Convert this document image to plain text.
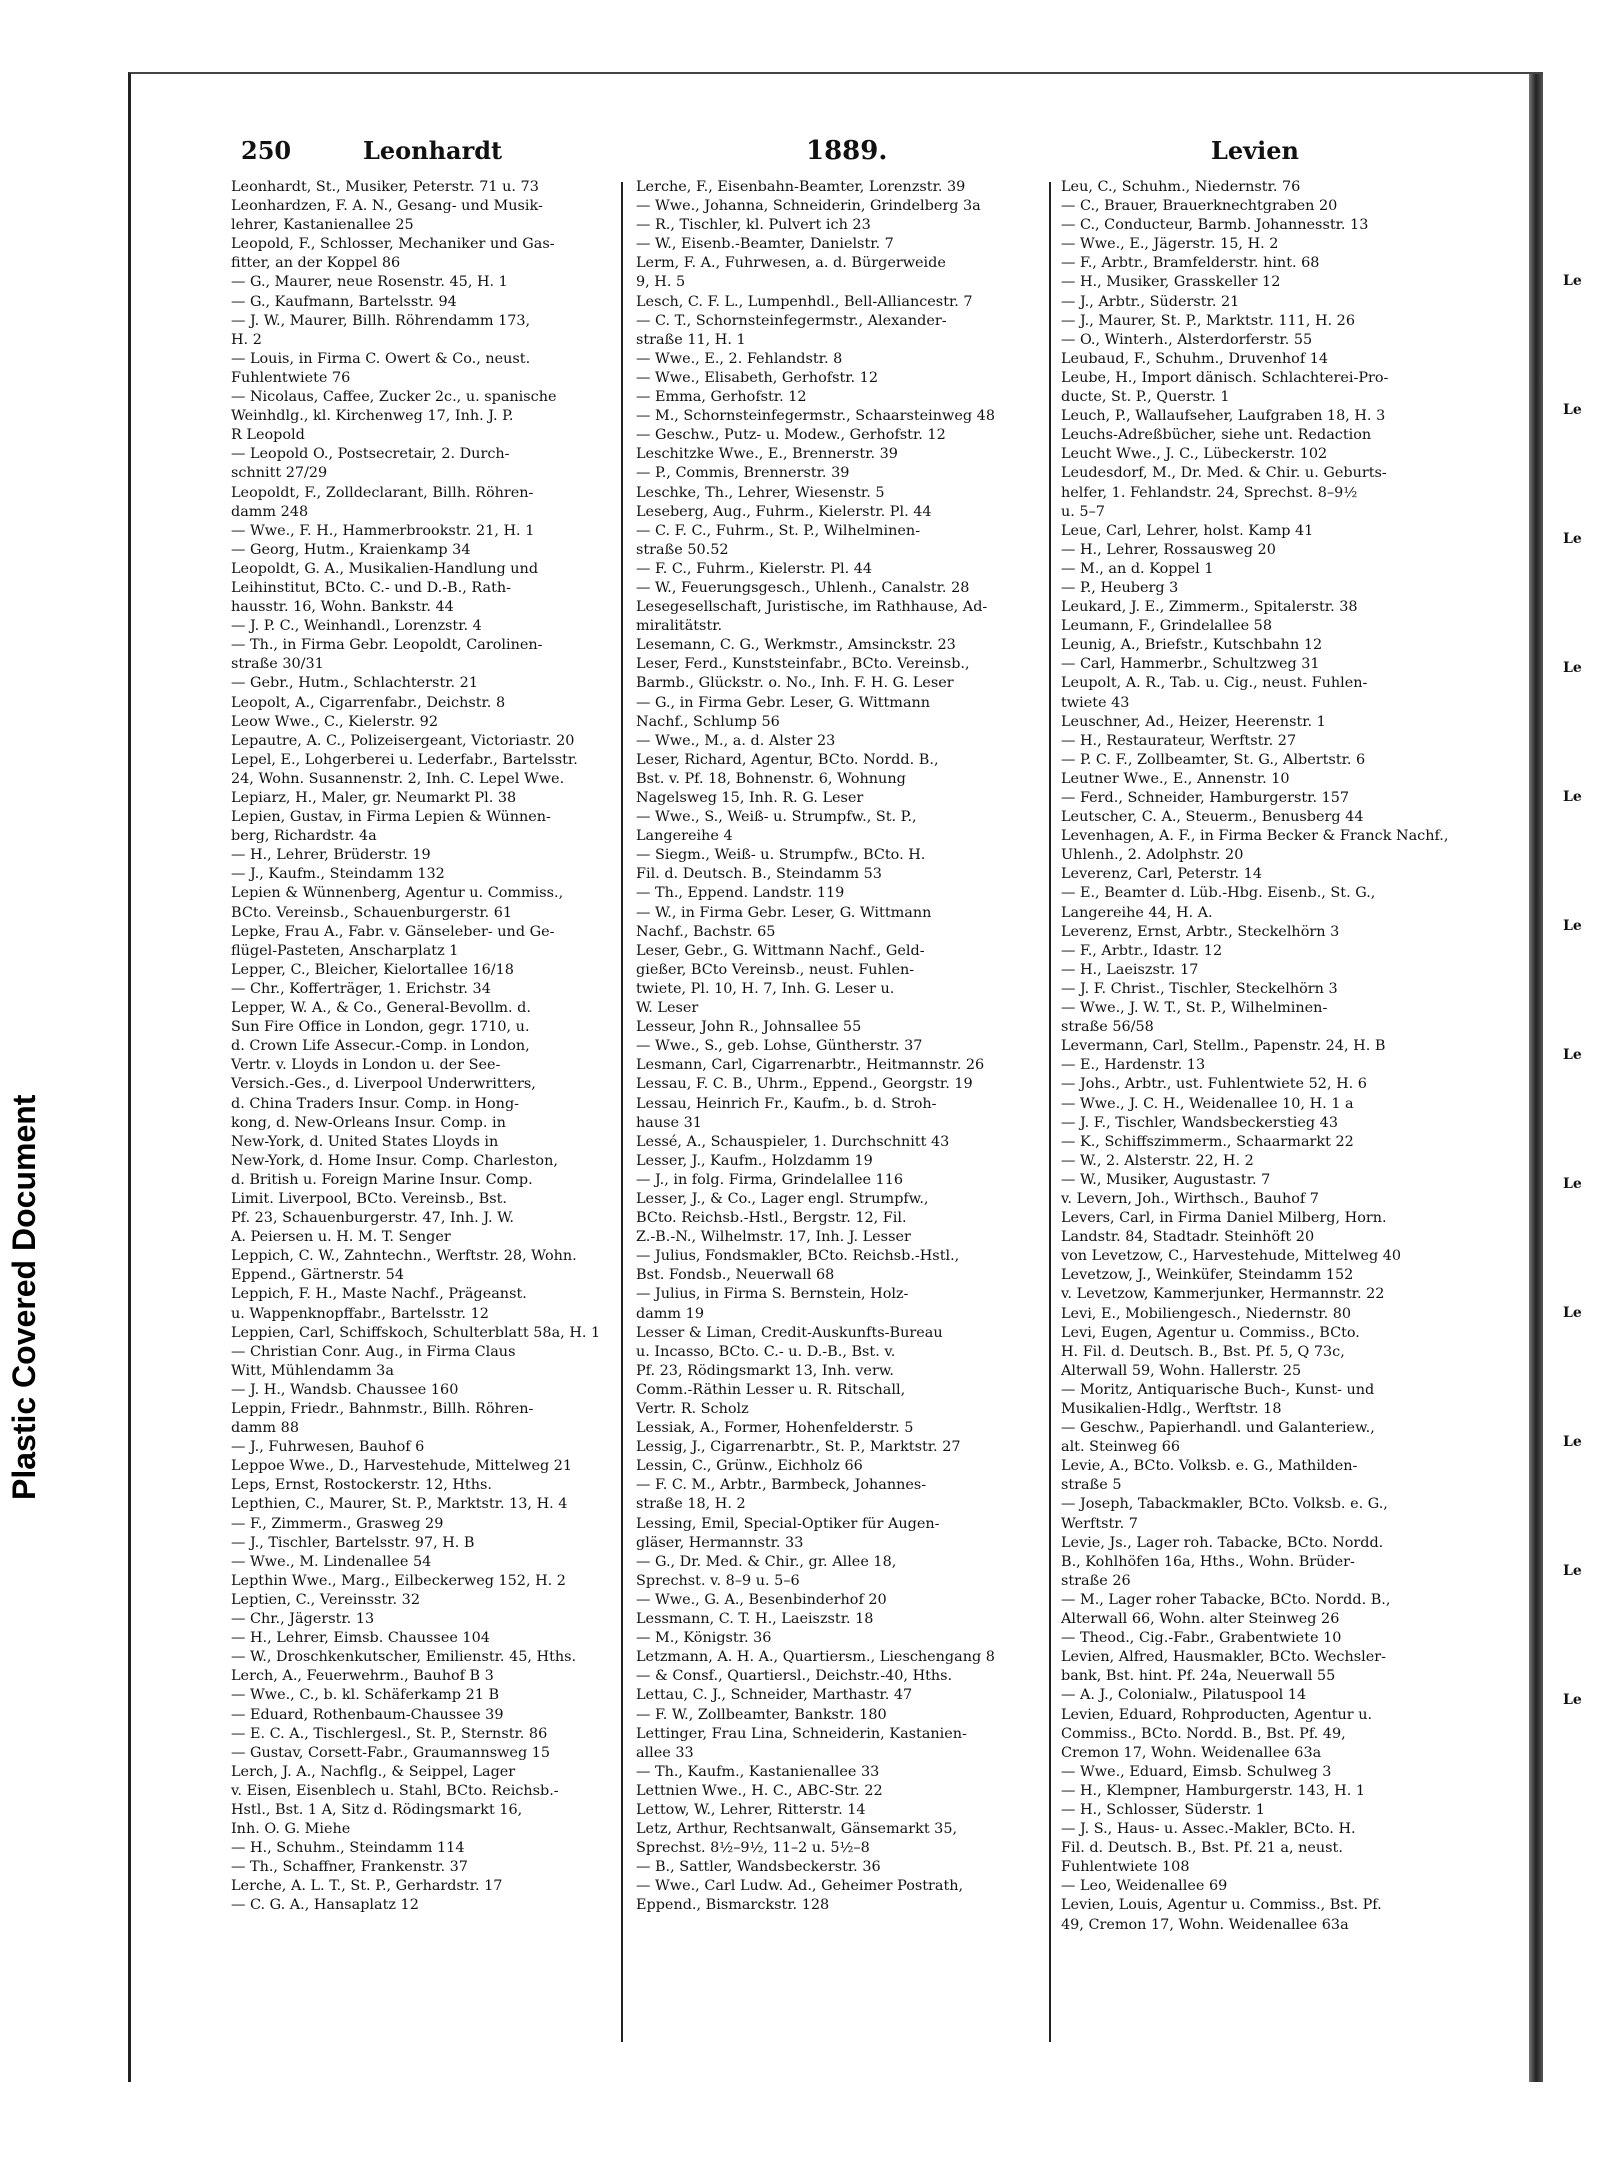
250	Leonhardt	1889.	Levien
Leonhardt, St., Musiker, Peterstr. 71 u. 73
Leonhardzen, F. A. N., Gesang- und Musik-
lehrer, Kastanienallee 25
Leopold, F., Schlosser, Mechaniker und Gas-
fitter, an der Koppel 86
— G., Maurer, neue Rosenstr. 45, H. 1
— G., Kaufmann, Bartelsstr. 94
— J. W., Maurer, Billh. Röhrendamm 173,
H. 2
— Louis, in Firma C. Owert & Co., neust.
Fuhlentwiete 76
— Nicolaus, Caffee, Zucker 2c., u. spanische
Weinhdlg., kl. Kirchenweg 17, Inh. J. P.
R Leopold
— Leopold O., Postsecretair, 2. Durch-
schnitt 27/29
Leopoldt, F., Zolldeclarant, Billh. Röhren-
damm 248
— Wwe., F. H., Hammerbrookstr. 21, H. 1
— Georg, Hutm., Kraienkamp 34
Leopoldt, G. A., Musikalien-Handlung und
Leihinstitut, BCto. C.- und D.-B., Rath-
hausstr. 16, Wohn. Bankstr. 44
— J. P. C., Weinhandl., Lorenzstr. 4
— Th., in Firma Gebr. Leopoldt, Carolinen-
straße 30/31
— Gebr., Hutm., Schlachterstr. 21
Leopolt, A., Cigarrenfabr., Deichstr. 8
Leow Wwe., C., Kielerstr. 92
Lepautre, A. C., Polizeisergeant, Victoriastr. 20
Lepel, E., Lohgerberei u. Lederfabr., Bartelsstr.
24, Wohn. Susannenstr. 2, Inh. C. Lepel Wwe.
Lepiarz, H., Maler, gr. Neumarkt Pl. 38
Lepien, Gustav, in Firma Lepien & Wünnen-
berg, Richardstr. 4a
— H., Lehrer, Brüderstr. 19
— J., Kaufm., Steindamm 132
Lepien & Wünnenberg, Agentur u. Commiss.,
BCto. Vereinsb., Schauenburgerstr. 61
Lepke, Frau A., Fabr. v. Gänseleber- und Ge-
flügel-Pasteten, Anscharplatz 1
Lepper, C., Bleicher, Kielortallee 16/18
— Chr., Kofferträger, 1. Erichstr. 34
Lepper, W. A., & Co., General-Bevollm. d.
Sun Fire Office in London, gegr. 1710, u.
d. Crown Life Assecur.-Comp. in London,
Vertr. v. Lloyds in London u. der See-
Versich.-Ges., d. Liverpool Underwritters,
d. China Traders Insur. Comp. in Hong-
kong, d. New-Orleans Insur. Comp. in
New-York, d. United States Lloyds in
New-York, d. Home Insur. Comp. Charleston,
d. British u. Foreign Marine Insur. Comp.
Limit. Liverpool, BCto. Vereinsb., Bst.
Pf. 23, Schauenburgerstr. 47, Inh. J. W.
A. Peiersen u. H. M. T. Senger
Leppich, C. W., Zahntechn., Werftstr. 28, Wohn.
Eppend., Gärtnerstr. 54
Leppich, F. H., Maste Nachf., Prägeanst.
u. Wappenknopffabr., Bartelsstr. 12
Leppien, Carl, Schiffskoch, Schulterblatt 58a, H. 1
— Christian Conr. Aug., in Firma Claus
Witt, Mühlendamm 3a
— J. H., Wandsb. Chaussee 160
Leppin, Friedr., Bahnmstr., Billh. Röhren-
damm 88
— J., Fuhrwesen, Bauhof 6
Leppoe Wwe., D., Harvestehude, Mittelweg 21
Leps, Ernst, Rostockerstr. 12, Hths.
Lepthien, C., Maurer, St. P., Marktstr. 13, H. 4
— F., Zimmerm., Grasweg 29
— J., Tischler, Bartelsstr. 97, H. B
— Wwe., M. Lindenallee 54
Lepthin Wwe., Marg., Eilbeckerweg 152, H. 2
Leptien, C., Vereinsstr. 32
— Chr., Jägerstr. 13
— H., Lehrer, Eimsb. Chaussee 104
— W., Droschkenkutscher, Emilienstr. 45, Hths.
Lerch, A., Feuerwehrm., Bauhof B 3
— Wwe., C., b. kl. Schäferkamp 21 B
— Eduard, Rothenbaum-Chaussee 39
— E. C. A., Tischlergesl., St. P., Sternstr. 86
— Gustav, Corsett-Fabr., Graumannsweg 15
Lerch, J. A., Nachflg., & Seippel, Lager
v. Eisen, Eisenblech u. Stahl, BCto. Reichsb.-
Hstl., Bst. 1 A, Sitz d. Rödingsmarkt 16,
Inh. O. G. Miehe
— H., Schuhm., Steindamm 114
— Th., Schaffner, Frankenstr. 37
Lerche, A. L. T., St. P., Gerhardstr. 17
— C. G. A., Hansaplatz 12
Lerche, F., Eisenbahn-Beamter, Lorenzstr. 39
— Wwe., Johanna, Schneiderin, Grindelberg 3a
— R., Tischler, kl. Pulvert ich 23
— W., Eisenb.-Beamter, Danielstr. 7
Lerm, F. A., Fuhrwesen, a. d. Bürgerweide
9, H. 5
Lesch, C. F. L., Lumpenhdl., Bell-Alliancestr. 7
— C. T., Schornsteinfegermstr., Alexander-
straße 11, H. 1
— Wwe., E., 2. Fehlandstr. 8
— Wwe., Elisabeth, Gerhofstr. 12
— Emma, Gerhofstr. 12
— M., Schornsteinfegermstr., Schaarsteinweg 48
— Geschw., Putz- u. Modew., Gerhofstr. 12
Leschitzke Wwe., E., Brennerstr. 39
— P., Commis, Brennerstr. 39
Leschke, Th., Lehrer, Wiesenstr. 5
Leseberg, Aug., Fuhrm., Kielerstr. Pl. 44
— C. F. C., Fuhrm., St. P., Wilhelminen-
straße 50.52
— F. C., Fuhrm., Kielerstr. Pl. 44
— W., Feuerungsgesch., Uhlenh., Canalstr. 28
Lesegesellschaft, Juristische, im Rathhause, Ad-
miralitätstr.
Lesemann, C. G., Werkmstr., Amsinckstr. 23
Leser, Ferd., Kunststeinfabr., BCto. Vereinsb.,
Barmb., Glückstr. o. No., Inh. F. H. G. Leser
— G., in Firma Gebr. Leser, G. Wittmann
Nachf., Schlump 56
— Wwe., M., a. d. Alster 23
Leser, Richard, Agentur, BCto. Nordd. B.,
Bst. v. Pf. 18, Bohnenstr. 6, Wohnung
Nagelsweg 15, Inh. R. G. Leser
— Wwe., S., Weiß- u. Strumpfw., St. P.,
Langereihe 4
— Siegm., Weiß- u. Strumpfw., BCto. H.
Fil. d. Deutsch. B., Steindamm 53
— Th., Eppend. Landstr. 119
— W., in Firma Gebr. Leser, G. Wittmann
Nachf., Bachstr. 65
Leser, Gebr., G. Wittmann Nachf., Geld-
gießer, BCto Vereinsb., neust. Fuhlen-
twiete, Pl. 10, H. 7, Inh. G. Leser u.
W. Leser
Lesseur, John R., Johnsallee 55
— Wwe., S., geb. Lohse, Güntherstr. 37
Lesmann, Carl, Cigarrenarbtr., Heitmannstr. 26
Lessau, F. C. B., Uhrm., Eppend., Georgstr. 19
Lessau, Heinrich Fr., Kaufm., b. d. Stroh-
hause 31
Lessé, A., Schauspieler, 1. Durchschnitt 43
Lesser, J., Kaufm., Holzdamm 19
— J., in folg. Firma, Grindelallee 116
Lesser, J., & Co., Lager engl. Strumpfw.,
BCto. Reichsb.-Hstl., Bergstr. 12, Fil.
Z.-B.-N., Wilhelmstr. 17, Inh. J. Lesser
— Julius, Fondsmakler, BCto. Reichsb.-Hstl.,
Bst. Fondsb., Neuerwall 68
— Julius, in Firma S. Bernstein, Holz-
damm 19
Lesser & Liman, Credit-Auskunfts-Bureau
u. Incasso, BCto. C.- u. D.-B., Bst. v.
Pf. 23, Rödingsmarkt 13, Inh. verw.
Comm.-Räthin Lesser u. R. Ritschall,
Vertr. R. Scholz
Lessiak, A., Former, Hohenfelderstr. 5
Lessig, J., Cigarrenarbtr., St. P., Marktstr. 27
Lessin, C., Grünw., Eichholz 66
— F. C. M., Arbtr., Barmbeck, Johannes-
straße 18, H. 2
Lessing, Emil, Special-Optiker für Augen-
gläser, Hermannstr. 33
— G., Dr. Med. & Chir., gr. Allee 18,
Sprechst. v. 8–9 u. 5–6
— Wwe., G. A., Besenbinderhof 20
Lessmann, C. T. H., Laeiszstr. 18
— M., Königstr. 36
Letzmann, A. H. A., Quartiersm., Lieschengang 8
— & Consf., Quartiersl., Deichstr.-40, Hths.
Lettau, C. J., Schneider, Marthastr. 47
— F. W., Zollbeamter, Bankstr. 180
Lettinger, Frau Lina, Schneiderin, Kastanien-
allee 33
— Th., Kaufm., Kastanienallee 33
Lettnien Wwe., H. C., ABC-Str. 22
Lettow, W., Lehrer, Ritterstr. 14
Letz, Arthur, Rechtsanwalt, Gänsemarkt 35,
Sprechst. 8½–9½, 11–2 u. 5½–8
— B., Sattler, Wandsbeckerstr. 36
— Wwe., Carl Ludw. Ad., Geheimer Postrath,
Eppend., Bismarckstr. 128
Leu, C., Schuhm., Niedernstr. 76
— C., Brauer, Brauerknechtgraben 20
— C., Conducteur, Barmb. Johannesstr. 13
— Wwe., E., Jägerstr. 15, H. 2
— F., Arbtr., Bramfelderstr. hint. 68
— H., Musiker, Grasskeller 12
— J., Arbtr., Süderstr. 21
— J., Maurer, St. P., Marktstr. 111, H. 26
— O., Winterh., Alsterdorferstr. 55
Leubaud, F., Schuhm., Druvenhof 14
Leube, H., Import dänisch. Schlachterei-Pro-
ducte, St. P., Querstr. 1
Leuch, P., Wallaufseher, Laufgraben 18, H. 3
Leuchs-Adreßbücher, siehe unt. Redaction
Leucht Wwe., J. C., Lübeckerstr. 102
Leudesdorf, M., Dr. Med. & Chir. u. Geburts-
helfer, 1. Fehlandstr. 24, Sprechst. 8–9½
u. 5–7
Leue, Carl, Lehrer, holst. Kamp 41
— H., Lehrer, Rossausweg 20
— M., an d. Koppel 1
— P., Heuberg 3
Leukard, J. E., Zimmerm., Spitalerstr. 38
Leumann, F., Grindelallee 58
Leunig, A., Briefstr., Kutschbahn 12
— Carl, Hammerbr., Schultzweg 31
Leupolt, A. R., Tab. u. Cig., neust. Fuhlen-
twiete 43
Leuschner, Ad., Heizer, Heerenstr. 1
— H., Restaurateur, Werftstr. 27
— P. C. F., Zollbeamter, St. G., Albertstr. 6
Leutner Wwe., E., Annenstr. 10
— Ferd., Schneider, Hamburgerstr. 157
Leutscher, C. A., Steuerm., Benusberg 44
Levenhagen, A. F., in Firma Becker & Franck Nachf.,
Uhlenh., 2. Adolphstr. 20
Leverenz, Carl, Peterstr. 14
— E., Beamter d. Lüb.-Hbg. Eisenb., St. G.,
Langereihe 44, H. A.
Leverenz, Ernst, Arbtr., Steckelhörn 3
— F., Arbtr., Idastr. 12
— H., Laeiszstr. 17
— J. F. Christ., Tischler, Steckelhörn 3
— Wwe., J. W. T., St. P., Wilhelminen-
straße 56/58
Levermann, Carl, Stellm., Papenstr. 24, H. B
— E., Hardenstr. 13
— Johs., Arbtr., ust. Fuhlentwiete 52, H. 6
— Wwe., J. C. H., Weidenallee 10, H. 1 a
— J. F., Tischler, Wandsbeckerstieg 43
— K., Schiffszimmerm., Schaarmarkt 22
— W., 2. Alsterstr. 22, H. 2
— W., Musiker, Augustastr. 7
v. Levern, Joh., Wirthsch., Bauhof 7
Levers, Carl, in Firma Daniel Milberg, Horn.
Landstr. 84, Stadtadr. Steinhöft 20
von Levetzow, C., Harvestehude, Mittelweg 40
Levetzow, J., Weinküfer, Steindamm 152
v. Levetzow, Kammerjunker, Hermannstr. 22
Levi, E., Mobiliengesch., Niedernstr. 80
Levi, Eugen, Agentur u. Commiss., BCto.
H. Fil. d. Deutsch. B., Bst. Pf. 5, Q 73c,
Alterwall 59, Wohn. Hallerstr. 25
— Moritz, Antiquarische Buch-, Kunst- und
Musikalien-Hdlg., Werftstr. 18
— Geschw., Papierhandl. und Galanteriew.,
alt. Steinweg 66
Levie, A., BCto. Volksb. e. G., Mathilden-
straße 5
— Joseph, Tabackmakler, BCto. Volksb. e. G.,
Werftstr. 7
Levie, Js., Lager roh. Tabacke, BCto. Nordd.
B., Kohlhöfen 16a, Hths., Wohn. Brüder-
straße 26
— M., Lager roher Tabacke, BCto. Nordd. B.,
Alterwall 66, Wohn. alter Steinweg 26
— Theod., Cig.-Fabr., Grabentwiete 10
Levien, Alfred, Hausmakler, BCto. Wechsler-
bank, Bst. hint. Pf. 24a, Neuerwall 55
— A. J., Colonialw., Pilatuspool 14
Levien, Eduard, Rohproducten, Agentur u.
Commiss., BCto. Nordd. B., Bst. Pf. 49,
Cremon 17, Wohn. Weidenallee 63a
— Wwe., Eduard, Eimsb. Schulweg 3
— H., Klempner, Hamburgerstr. 143, H. 1
— H., Schlosser, Süderstr. 1
— J. S., Haus- u. Assec.-Makler, BCto. H.
Fil. d. Deutsch. B., Bst. Pf. 21 a, neust.
Fuhlentwiete 108
— Leo, Weidenallee 69
Levien, Louis, Agentur u. Commiss., Bst. Pf.
49, Cremon 17, Wohn. Weidenallee 63a
Le
Le
Le
Le
Le
Le
Le
Le
Le
Le
Le
Le
Plastic Covered Document
